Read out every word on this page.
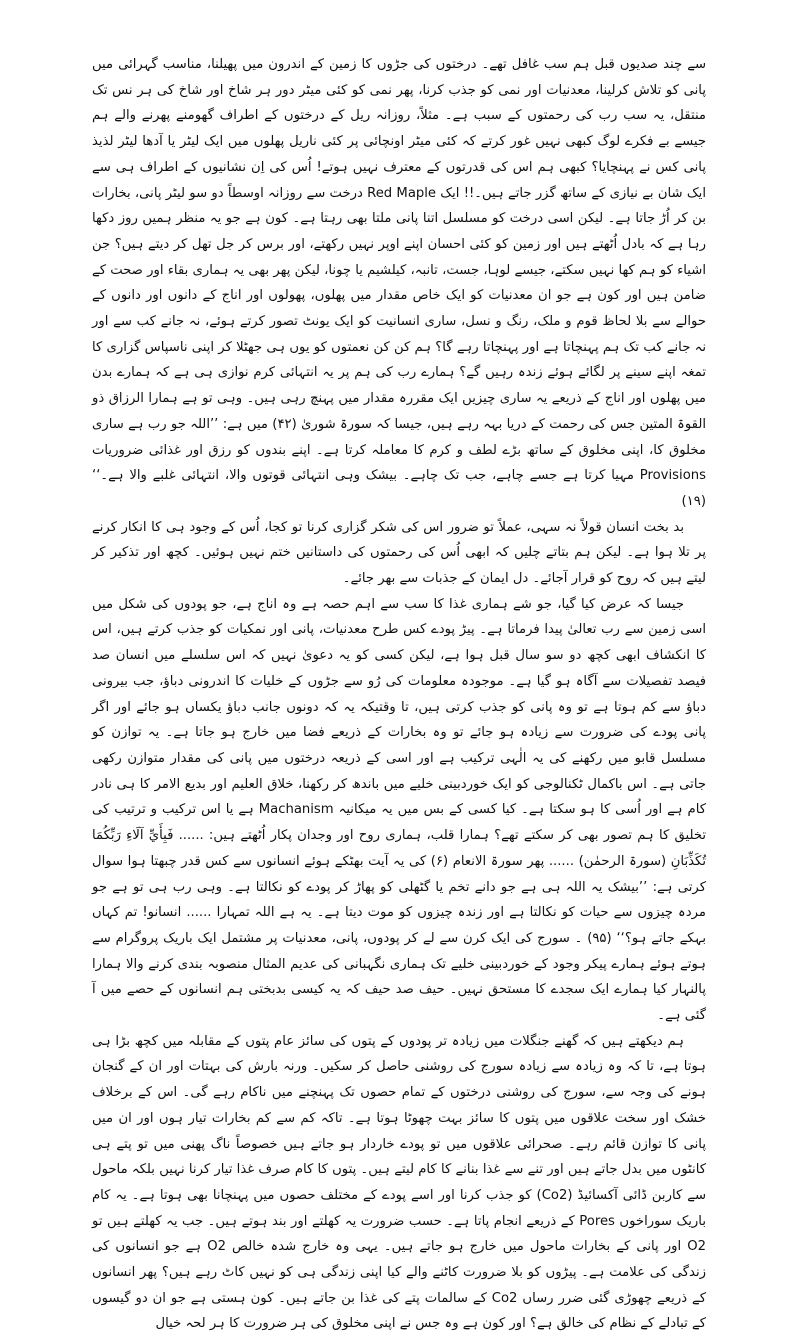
سے چند صدیوں قبل ہم سب غافل تھے۔ درختوں کی جڑوں کا زمین کے اندرون میں پھیلنا، مناسب گہرائی میں پانی کو تلاش کرلینا، معدنیات اور نمی کو جذب کرنا، پھر نمی کو کئی میٹر دور ہر شاخ اور شاخ کی ہر نس تک منتقل، یہ سب رب کی رحمتوں کے سبب ہے۔ مثلاً، روزانہ ریل کے درختوں کے اطراف گھومنے پھرنے والے ہم جیسے بے فکرے لوگ کبھی نہیں غور کرتے کہ کئی میٹر اونچائی پر کئی ناریل پھلوں میں ایک لیٹر یا آدھا لیٹر لذیذ پانی کس نے پہنچایا؟ کبھی ہم اس کی قدرتوں کے معترف نہیں ہوتے! اُس کی اِن نشانیوں کے اطراف ہی سے ایک شان بے نیازی کے ساتھ گزر جاتے ہیں۔!! ایک Red Maple درخت سے روزانہ اوسطاً دو سو لیٹر پانی، بخارات بن کر اُڑ جاتا ہے۔ لیکن اسی درخت کو مسلسل اتنا پانی ملتا بھی رہتا ہے۔ کون ہے جو یہ منظر ہمیں روز دکھا رہا ہے کہ بادل اُٹھتے ہیں اور زمین کو کئی احسان اپنے اوپر نہیں رکھتے، اور برس کر جل تھل کر دیتے ہیں؟ جن اشیاء کو ہم کھا نہیں سکتے، جیسے لوہا، جست، تانبہ، کیلشیم یا چونا، لیکن پھر بھی یہ ہماری بقاء اور صحت کے ضامن ہیں اور کون ہے جو ان معدنیات کو ایک خاص مقدار میں پھلوں، پھولوں اور اناج کے دانوں اور دانوں کے حوالے سے بلا لحاظ قوم و ملک، رنگ و نسل، ساری انسانیت کو ایک یونٹ تصور کرتے ہوئے، نہ جانے کب سے اور نہ جانے کب تک ہم پہنچاتا ہے اور پہنچاتا رہے گا؟ ہم کن کن نعمتوں کو یوں ہی جھٹلا کر اپنی ناسپاس گزاری کا تمغہ اپنے سینے پر لگائے ہوئے زندہ رہیں گے؟ ہمارے رب کی ہم پر یہ انتہائی کرم نوازی ہی ہے کہ ہمارے بدن میں پھلوں اور اناج کے ذریعے یہ ساری چیزیں ایک مقررہ مقدار میں پہنچ رہی ہیں۔ وہی تو ہے ہمارا الرزاق ذو القوۃ المتین جس کی رحمت کے دریا بہہ رہے ہیں، جیسا کہ سورۃ شوریٰ (۴۲) میں ہے: ’’اللہ جو رب ہے ساری مخلوق کا، اپنی مخلوق کے ساتھ بڑے لطف و کرم کا معاملہ کرتا ہے۔ اپنے بندوں کو رزق اور غذائی ضروریات Provisions مہیا کرتا ہے جسے چاہے، جب تک چاہے۔ بیشک وہی انتہائی قوتوں والا، انتہائی غلبے والا ہے۔‘‘ (۱۹)

بد بخت انسان قولاً نہ سہی، عملاً تو ضرور اس کی شکر گزاری کرنا تو کجا، اُس کے وجود ہی کا انکار کرنے پر تلا ہوا ہے۔ لیکن ہم بتاتے چلیں کہ ابھی اُس کی رحمتوں کی داستانیں ختم نہیں ہوئیں۔ کچھ اور تذکیر کر لیتے ہیں کہ روح کو قرار آجائے۔ دل ایمان کے جذبات سے بھر جائے۔

جیسا کہ عرض کیا گیا، جو شے ہماری غذا کا سب سے اہم حصہ ہے وہ اناج ہے، جو پودوں کی شکل میں اسی زمین سے رب تعالیٰ پیدا فرماتا ہے۔ پیڑ پودے کس طرح معدنیات، پانی اور نمکیات کو جذب کرتے ہیں، اس کا انکشاف ابھی کچھ دو سو سال قبل ہوا ہے، لیکن کسی کو یہ دعویٰ نہیں کہ اس سلسلے میں انسان صد فیصد تفصیلات سے آگاہ ہو گیا ہے۔ موجودہ معلومات کی رُو سے جڑوں کے خلیات کا اندرونی دباؤ، جب بیرونی دباؤ سے کم ہوتا ہے تو وہ پانی کو جذب کرتی ہیں، تا وقتیکہ یہ کہ دونوں جانب دباؤ یکساں ہو جائے اور اگر پانی پودے کی ضرورت سے زیادہ ہو جائے تو وہ بخارات کے ذریعے فضا میں خارج ہو جاتا ہے۔ یہ توازن کو مسلسل قابو میں رکھنے کی یہ الٰہی ترکیب ہے اور اسی کے ذریعہ درختوں میں پانی کی مقدار متوازن رکھی جاتی ہے۔ اس باکمال ٹکنالوجی کو ایک خوردبینی خلیے میں باندھ کر رکھنا، خلاق العلیم اور بدیع الامر کا ہی نادر کام ہے اور اُسی کا ہو سکتا ہے۔ کیا کسی کے بس میں یہ میکانیہ Machanism ہے یا اس ترکیب و ترتیب کی تخلیق کا ہم تصور بھی کر سکتے تھے؟ ہمارا قلب، ہماری روح اور وجدان پکار اُٹھتے ہیں: ...... فَبِأَيِّ آلَاءِ رَبِّكُمَا تُكَذِّبَانِ (سورۃ الرحمٰن) ...... پھر سورۃ الانعام (۶) کی یہ آیت بھٹکے ہوئے انسانوں سے کس قدر چبھتا ہوا سوال کرتی ہے: ’’بیشک یہ اللہ ہی ہے جو دانے تخم یا گٹھلی کو پھاڑ کر پودے کو نکالتا ہے۔ وہی رب ہی تو ہے جو مردہ چیزوں سے حیات کو نکالتا ہے اور زندہ چیزوں کو موت دیتا ہے۔ یہ ہے اللہ تمہارا ...... انسانو! تم کہاں بہکے جاتے ہو؟‘‘ (۹۵) ۔ سورج کی ایک کرن سے لے کر پودوں، پانی، معدنیات پر مشتمل ایک باریک پروگرام سے ہوتے ہوئے ہمارے پیکر وجود کے خوردبینی خلیے تک ہماری نگہبانی کی عدیم المثال منصوبہ بندی کرنے والا ہمارا پالنہار کیا ہمارے ایک سجدے کا مستحق نہیں۔ حیف صد حیف کہ یہ کیسی بدبختی ہم انسانوں کے حصے میں آ گئی ہے۔

ہم دیکھتے ہیں کہ گھنے جنگلات میں زیادہ تر پودوں کے پتوں کی سائز عام پتوں کے مقابلہ میں کچھ بڑا ہی ہوتا ہے، تا کہ وہ زیادہ سے زیادہ سورج کی روشنی حاصل کر سکیں۔ ورنہ بارش کی بہتات اور ان کے گنجان ہونے کی وجہ سے، سورج کی روشنی درختوں کے تمام حصوں تک پہنچنے میں ناکام رہے گی۔ اس کے برخلاف خشک اور سخت علاقوں میں پتوں کا سائز بہت چھوٹا ہوتا ہے۔ تاکہ کم سے کم بخارات تیار ہوں اور ان میں پانی کا توازن قائم رہے۔ صحرائی علاقوں میں تو پودے خاردار ہو جاتے ہیں خصوصاً ناگ پھنی میں تو پتے ہی کانٹوں میں بدل جاتے ہیں اور تنے سے غذا بنانے کا کام لیتے ہیں۔ پتوں کا کام صرف غذا تیار کرنا نہیں بلکہ ماحول سے کاربن ڈائی آکسائیڈ (Co2) کو جذب کرنا اور اسے پودے کے مختلف حصوں میں پہنچانا بھی ہوتا ہے۔ یہ کام باریک سوراخوں Pores کے ذریعے انجام پاتا ہے۔ حسب ضرورت یہ کھلتے اور بند ہوتے ہیں۔ جب یہ کھلتے ہیں تو O2 اور پانی کے بخارات ماحول میں خارج ہو جاتے ہیں۔ یہی وہ خارج شدہ خالص O2 ہے جو انسانوں کی زندگی کی علامت ہے۔ پیڑوں کو بلا ضرورت کاٹنے والے کیا اپنی زندگی ہی کو نہیں کاٹ رہے ہیں؟ پھر انسانوں کے ذریعے چھوڑی گئی ضرر رساں Co2 کے سالمات پتے کی غذا بن جاتے ہیں۔ کون ہستی ہے جو ان دو گیسوں کے تبادلے کے نظام کی خالق ہے؟ اور کون ہے وہ جس نے اپنی مخلوق کی ہر ضرورت کا ہر لحہ خیال
